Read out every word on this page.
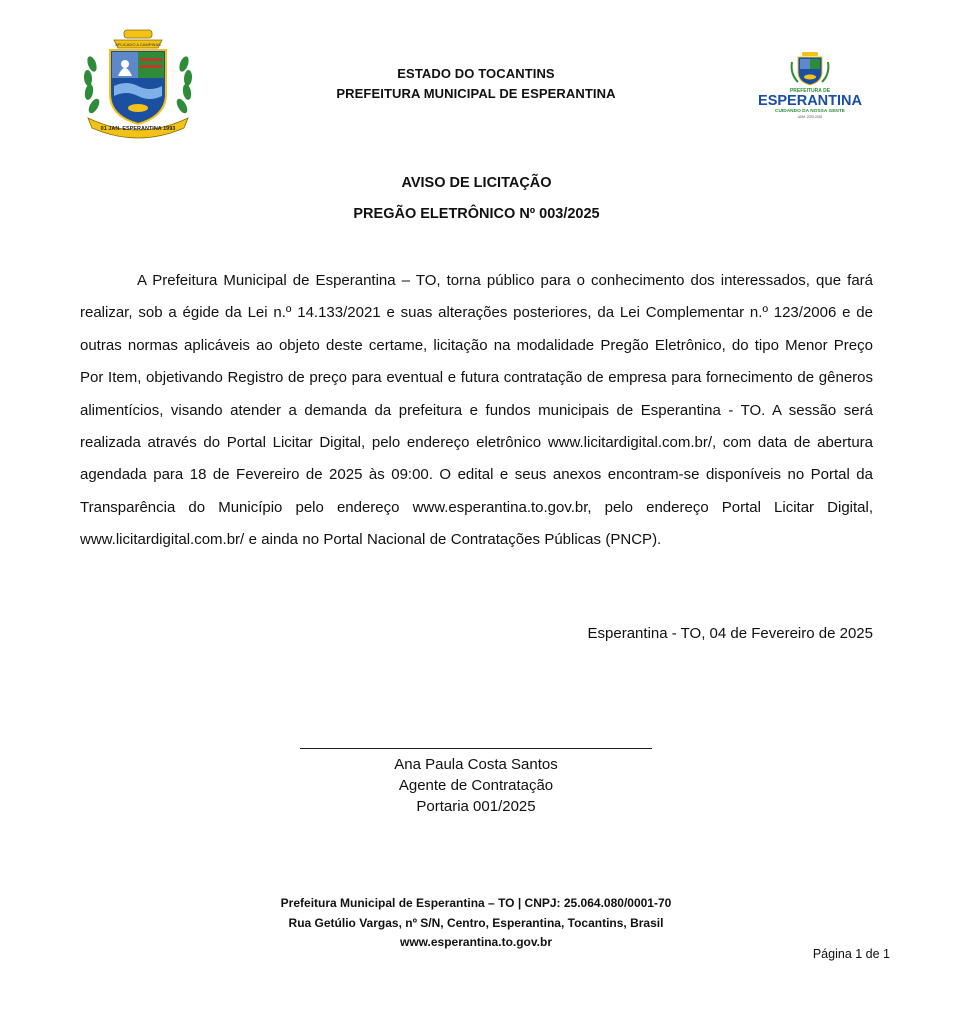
APLICADO A CAMPINAS
01 JAN. ESPERANTINA 1993
ESTADO DO TOCANTINS
PREFEITURA MUNICIPAL DE ESPERANTINA	PREFEITURA DE
ESPERANTINA
CUIDANDO DA NOSSA GENTE
ADM. 2025-2028
AVISO DE LICITAÇÃO
PREGÃO ELETRÔNICO Nº 003/2025

A Prefeitura Municipal de Esperantina – TO, torna público para o conhecimento dos interessados, que fará realizar, sob a égide da Lei n.º 14.133/2021 e suas alterações posteriores, da Lei Complementar n.º 123/2006 e de outras normas aplicáveis ao objeto deste certame, licitação na modalidade Pregão Eletrônico, do tipo Menor Preço Por Item, objetivando Registro de preço para eventual e futura contratação de empresa para fornecimento de gêneros alimentícios, visando atender a demanda da prefeitura e fundos municipais de Esperantina - TO. A sessão será realizada através do Portal Licitar Digital, pelo endereço eletrônico www.licitardigital.com.br/, com data de abertura agendada para 18 de Fevereiro de 2025 às 09:00. O edital e seus anexos encontram-se disponíveis no Portal da Transparência do Município pelo endereço www.esperantina.to.gov.br, pelo endereço Portal Licitar Digital, www.licitardigital.com.br/ e ainda no Portal Nacional de Contratações Públicas (PNCP).

Esperantina - TO, 04 de Fevereiro de 2025
Ana Paula Costa Santos
Agente de Contratação
Portaria 001/2025
Prefeitura Municipal de Esperantina – TO | CNPJ: 25.064.080/0001-70
Rua Getúlio Vargas, nº S/N, Centro, Esperantina, Tocantins, Brasil
www.esperantina.to.gov.br
Página 1 de 1
